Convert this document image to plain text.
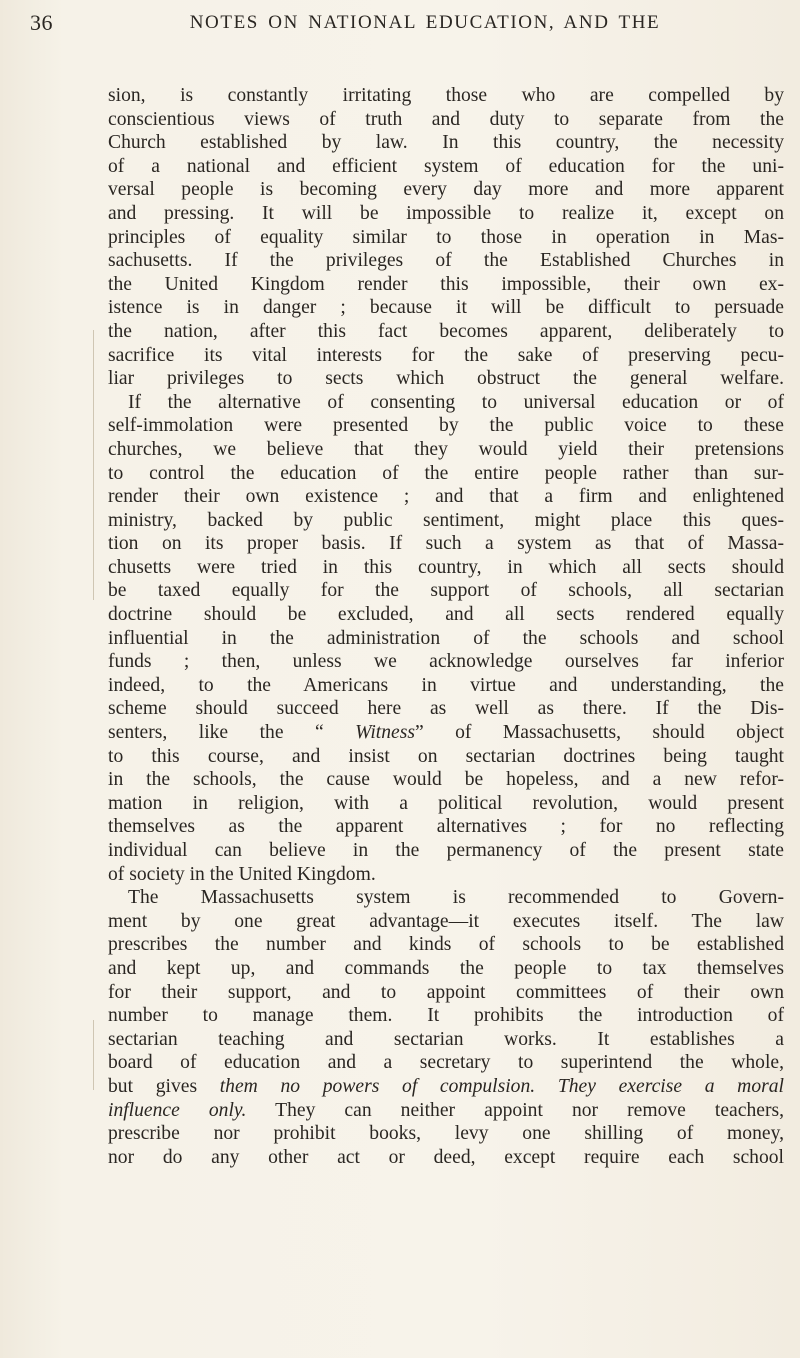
36	NOTES ON NATIONAL EDUCATION, AND THE
sion, is constantly irritating those who are compelled by
conscientious views of truth and duty to separate from the
Church established by law. In this country, the necessity
of a national and efficient system of education for the uni-
versal people is becoming every day more and more apparent
and pressing. It will be impossible to realize it, except on
principles of equality similar to those in operation in Mas-
sachusetts. If the privileges of the Established Churches in
the United Kingdom render this impossible, their own ex-
istence is in danger ; because it will be difficult to persuade
the nation, after this fact becomes apparent, deliberately to
sacrifice its vital interests for the sake of preserving pecu-
liar privileges to sects which obstruct the general welfare.
If the alternative of consenting to universal education or of
self-immolation were presented by the public voice to these
churches, we believe that they would yield their pretensions
to control the education of the entire people rather than sur-
render their own existence ; and that a firm and enlightened
ministry, backed by public sentiment, might place this ques-
tion on its proper basis. If such a system as that of Massa-
chusetts were tried in this country, in which all sects should
be taxed equally for the support of schools, all sectarian
doctrine should be excluded, and all sects rendered equally
influential in the administration of the schools and school
funds ; then, unless we acknowledge ourselves far inferior
indeed, to the Americans in virtue and understanding, the
scheme should succeed here as well as there. If the Dis-
senters, like the “ Witness” of Massachusetts, should object
to this course, and insist on sectarian doctrines being taught
in the schools, the cause would be hopeless, and a new refor-
mation in religion, with a political revolution, would present
themselves as the apparent alternatives ; for no reflecting
individual can believe in the permanency of the present state
of society in the United Kingdom.
The Massachusetts system is recommended to Govern-
ment by one great advantage—it executes itself. The law
prescribes the number and kinds of schools to be established
and kept up, and commands the people to tax themselves
for their support, and to appoint committees of their own
number to manage them. It prohibits the introduction of
sectarian teaching and sectarian works. It establishes a
board of education and a secretary to superintend the whole,
but gives them no powers of compulsion. They exercise a moral
influence only. They can neither appoint nor remove teachers,
prescribe nor prohibit books, levy one shilling of money,
nor do any other act or deed, except require each school
